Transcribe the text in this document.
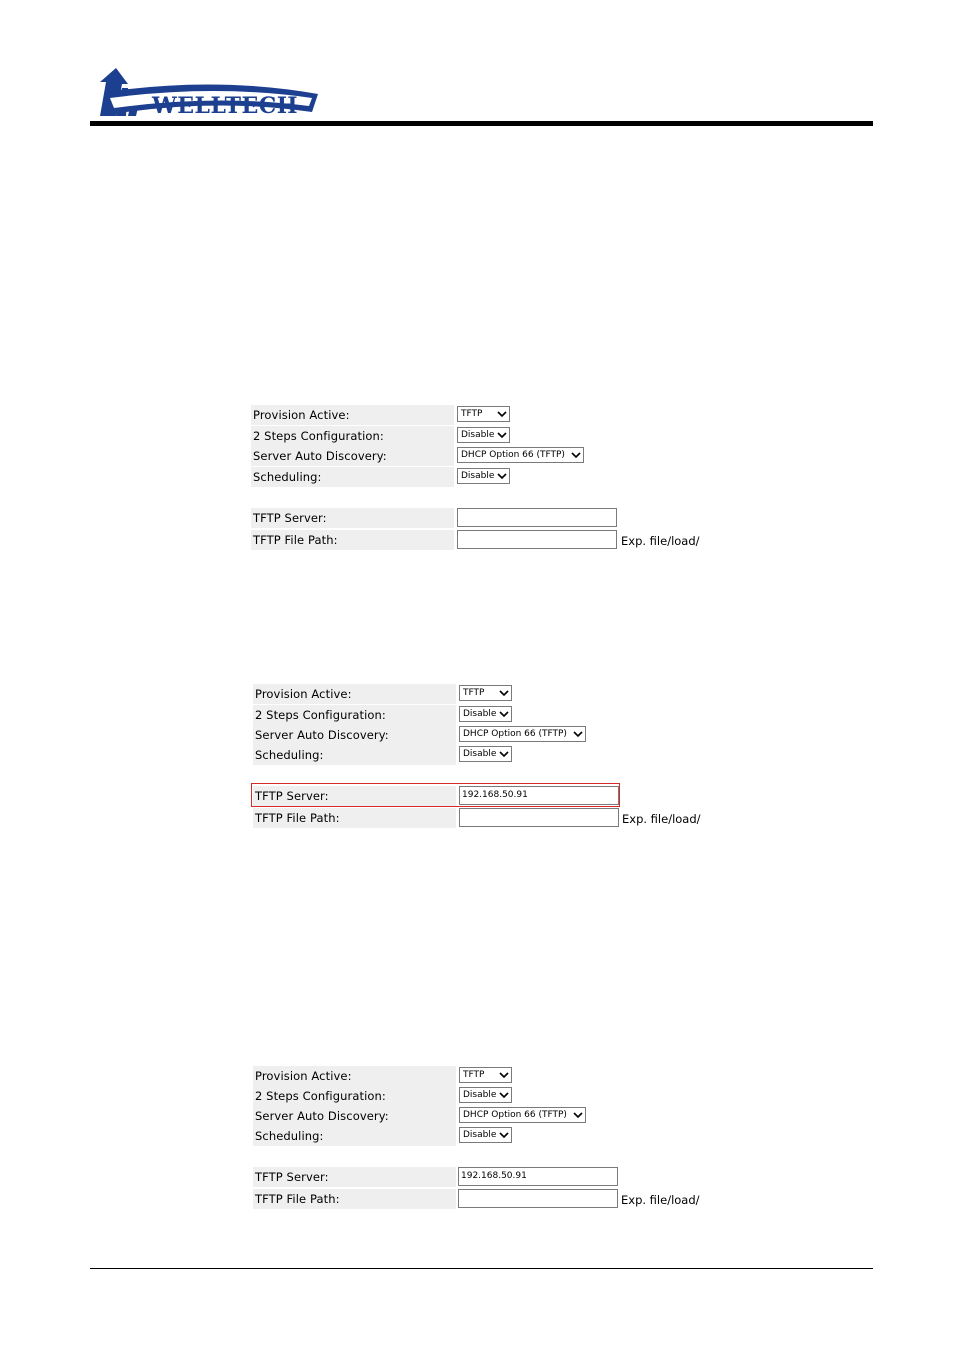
WELLTECH
Provision Active:	TFTP
2 Steps Configuration:	Disable
Server Auto Discovery:	DHCP Option 66 (TFTP)
Scheduling:	Disable
TFTP Server:
TFTP File Path:	Exp. file/load/
Provision Active:	TFTP
2 Steps Configuration:	Disable
Server Auto Discovery:	DHCP Option 66 (TFTP)
Scheduling:	Disable
TFTP Server:	192.168.50.91
TFTP File Path:	Exp. file/load/
Provision Active:	TFTP
2 Steps Configuration:	Disable
Server Auto Discovery:	DHCP Option 66 (TFTP)
Scheduling:	Disable
TFTP Server:	192.168.50.91
TFTP File Path:	Exp. file/load/
